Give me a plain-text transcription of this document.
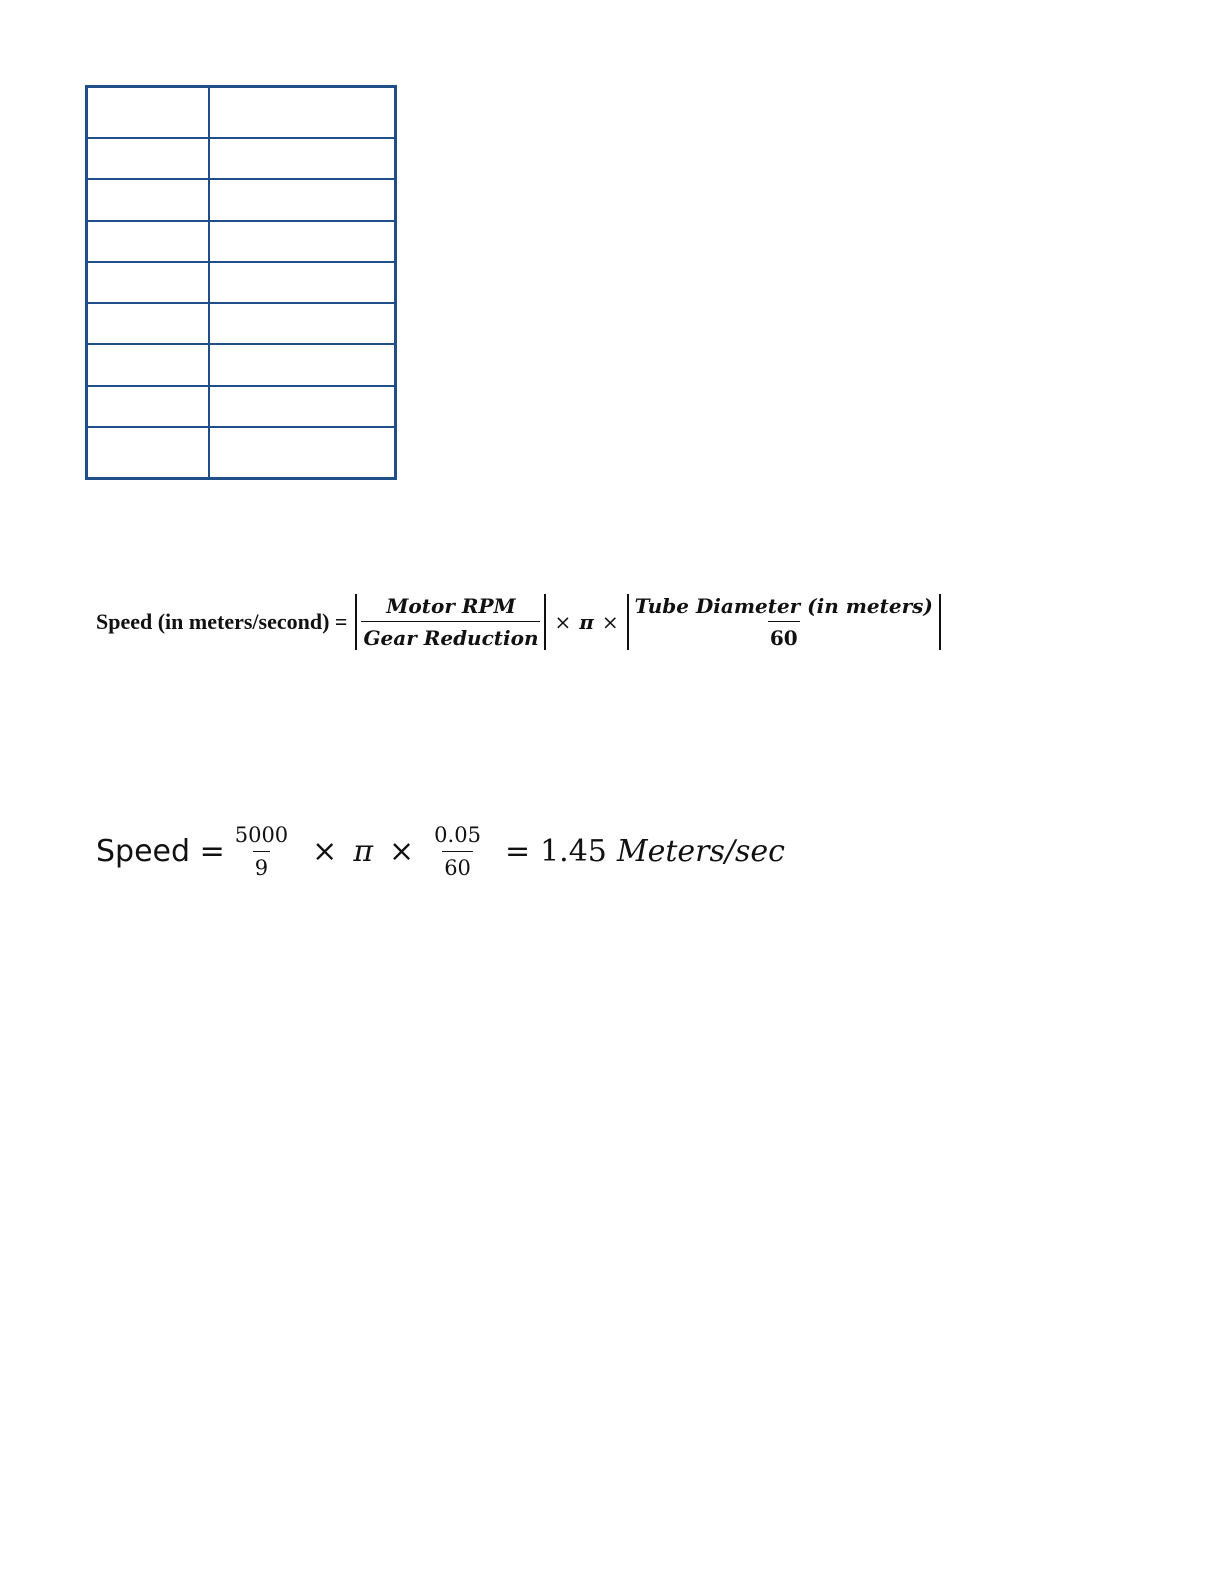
Speed (in meters/second) = $\frac{\text{Motor RPM}}{\text{Gear Reduction}} \times \pi \times \frac{\text{Tube Diameter (in meters)}}{60}$
Speed = $\frac{5000}{9} \times \pi \times \frac{0.05}{60} = 1.45$ Meters/sec
